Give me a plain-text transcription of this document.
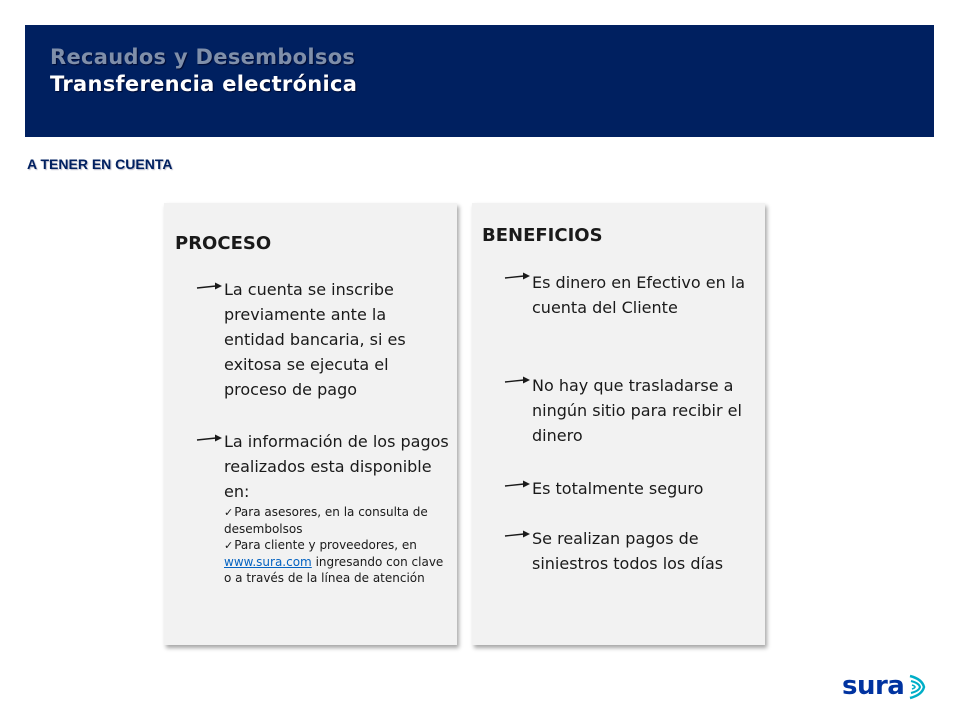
Recaudos y Desembolsos
Transferencia electrónica
A TENER EN CUENTA
PROCESO
La cuenta se inscribe previamente ante la entidad bancaria, si es exitosa se ejecuta el proceso de pago
La información de los pagos realizados esta disponible en:
✓Para asesores, en la consulta de desembolsos
✓Para cliente y proveedores, en www.sura.com ingresando con clave o a través de la línea de atención
BENEFICIOS
Es dinero en Efectivo en la cuenta del Cliente
No hay que trasladarse a ningún sitio para recibir el dinero
Es totalmente seguro
Se realizan pagos de siniestros todos los días
sura
